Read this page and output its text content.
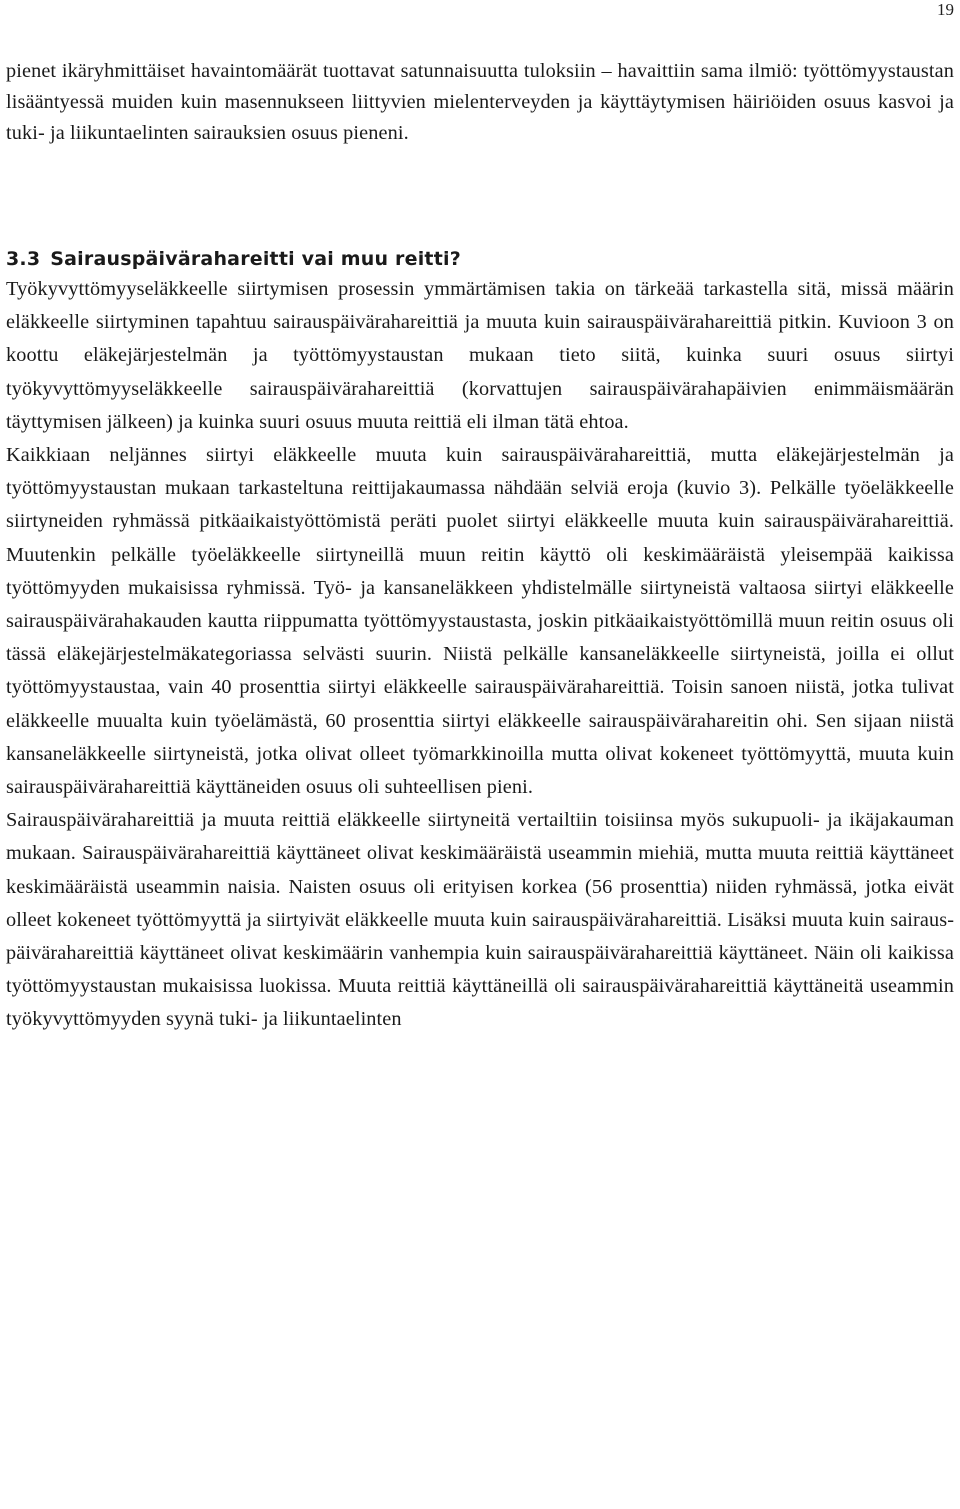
19

pienet ikäryhmittäiset havaintomäärät tuottavat satunnaisuutta tuloksiin – havaittiin sama ilmiö: työttömyystaustan lisääntyessä muiden kuin masennukseen liittyvien mielenterveyden ja käyttäytymisen häiriöiden osuus kasvoi ja tuki- ja liikuntaelinten sairauksien osuus pieneni.

3.3 Sairauspäivärahareitti vai muu reitti?

Työkyvyttömyyseläkkeelle siirtymisen prosessin ymmärtämisen takia on tärkeää tarkastella sitä, missä määrin eläkkeelle siirtyminen tapahtuu sairauspäivärahareittiä ja muuta kuin sairauspäivärahareittiä pitkin. Kuvioon 3 on koottu eläkejärjestelmän ja työttömyystaustan mukaan tieto siitä, kuinka suuri osuus siirtyi työkyvyttömyyseläkkeelle sairauspäivärahareittiä (korvattujen sairauspäivärahapäivien enimmäismäärän täyttymisen jälkeen) ja kuinka suuri osuus muuta reittiä eli ilman tätä ehtoa.

Kaikkiaan neljännes siirtyi eläkkeelle muuta kuin sairauspäivärahareittiä, mutta eläkejärjestelmän ja työttömyystaustan mukaan tarkasteltuna reittijakaumassa nähdään selviä eroja (kuvio 3). Pelkälle työeläkkeelle siirtyneiden ryhmässä pitkäaikaistyöttömistä peräti puolet siirtyi eläkkeelle muuta kuin sairauspäivärahareittiä. Muutenkin pelkälle työeläkkeelle siirtyneillä muun reitin käyttö oli keskimääräistä yleisempää kaikissa työttömyyden mukaisissa ryhmissä. Työ- ja kansaneläkkeen yhdistelmälle siirtyneistä valtaosa siirtyi eläkkeelle sairauspäivärahakauden kautta riippumatta työttömyystaustasta, joskin pitkäaikaistyöttömillä muun reitin osuus oli tässä eläkejärjestelmäkategoriassa selvästi suurin. Niistä pelkälle kansaneläkkeelle siirtyneistä, joilla ei ollut työttömyystaustaa, vain 40 prosenttia siirtyi eläkkeelle sairauspäivärahareittiä. Toisin sanoen niistä, jotka tulivat eläkkeelle muualta kuin työelämästä, 60 prosenttia siirtyi eläkkeelle sairauspäivärahareitin ohi. Sen sijaan niistä kansaneläkkeelle siirtyneistä, jotka olivat olleet työmarkkinoilla mutta olivat kokeneet työttömyyttä, muuta kuin sairauspäivärahareittiä käyttäneiden osuus oli suhteellisen pieni.

Sairauspäivärahareittiä ja muuta reittiä eläkkeelle siirtyneitä vertailtiin toisiinsa myös sukupuoli- ja ikäjakauman mukaan. Sairauspäivärahareittiä käyttäneet olivat keskimääräistä useammin miehiä, mutta muuta reittiä käyttäneet keskimääräistä useammin naisia. Naisten osuus oli erityisen korkea (56 prosenttia) niiden ryhmässä, jotka eivät olleet kokeneet työttömyyttä ja siirtyivät eläkkeelle muuta kuin sairauspäivärahareittiä. Lisäksi muuta kuin sairauspäivärahareittiä käyttäneet olivat keskimäärin vanhempia kuin sairauspäivärahareittiä käyttäneet. Näin oli kaikissa työttömyystaustan mukaisissa luokissa. Muuta reittiä käyttäneillä oli sairauspäivärahareittiä käyttäneitä useammin työkyvyttömyyden syynä tuki- ja liikuntaelinten
